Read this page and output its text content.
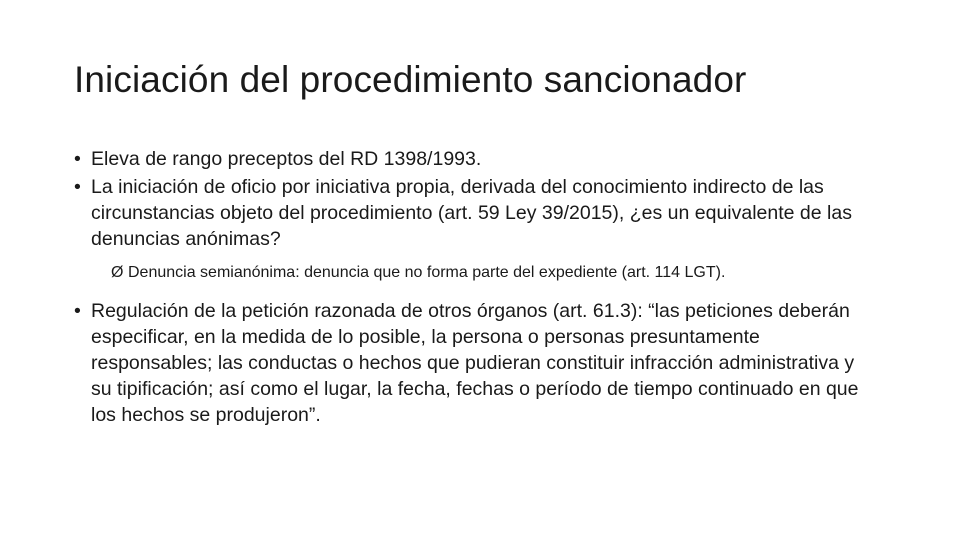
Iniciación del procedimiento sancionador

• Eleva de rango preceptos del RD 1398/1993.

• La iniciación de oficio por iniciativa propia, derivada del conocimiento indirecto de las circunstancias objeto del procedimiento (art. 59 Ley 39/2015), ¿es un equivalente de las denuncias anónimas?

Ø Denuncia semianónima: denuncia que no forma parte del expediente (art. 114 LGT).

• Regulación de la petición razonada de otros órganos (art. 61.3): “las peticiones deberán especificar, en la medida de lo posible, la persona o personas presuntamente responsables; las conductas o hechos que pudieran constituir infracción administrativa y su tipificación; así como el lugar, la fecha, fechas o período de tiempo continuado en que los hechos se produjeron”.
